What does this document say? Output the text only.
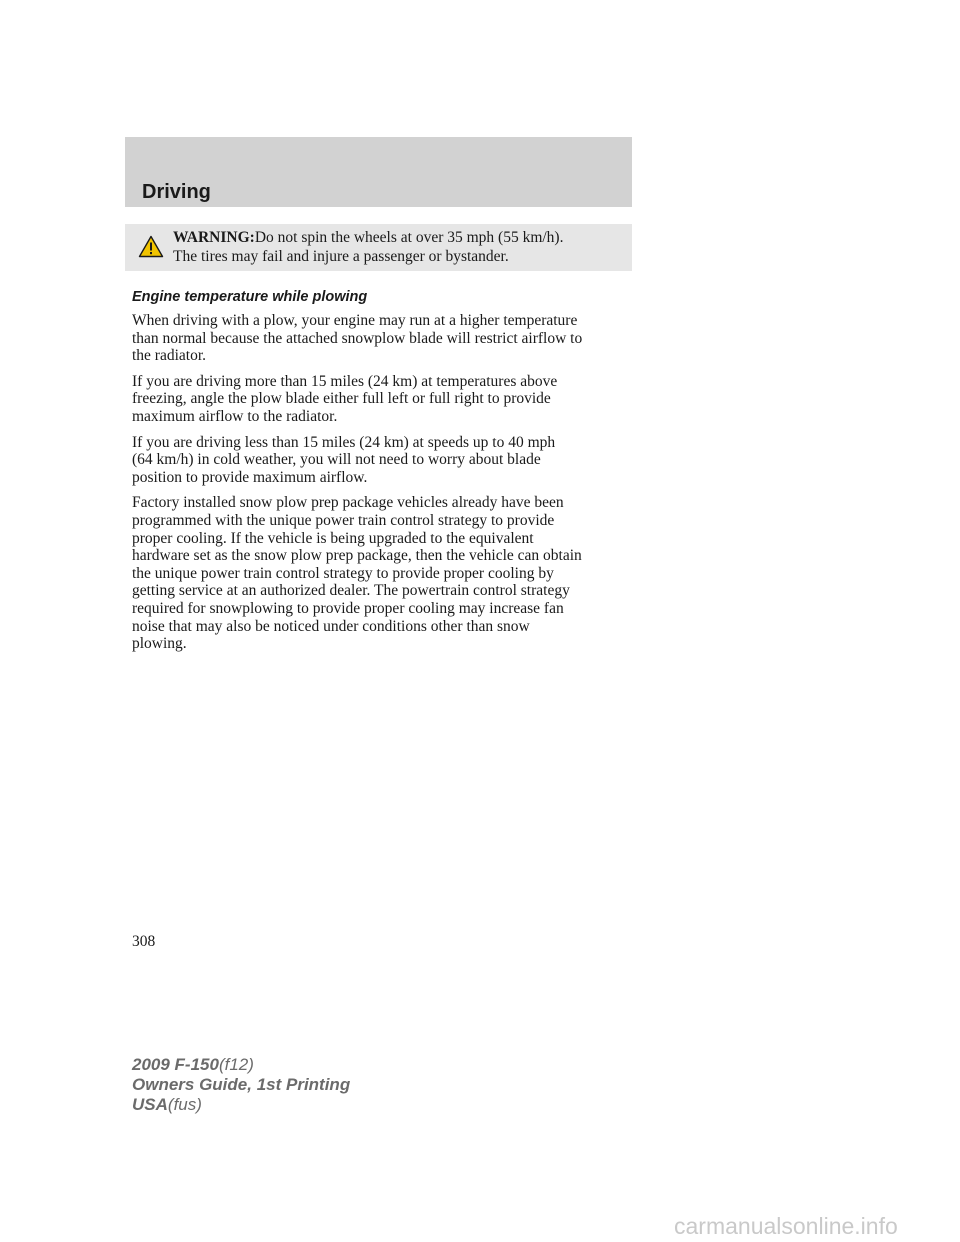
Driving
WARNING:Do not spin the wheels at over 35 mph (55 km/h).
The tires may fail and injure a passenger or bystander.
Engine temperature while plowing

When driving with a plow, your engine may run at a higher temperature
than normal because the attached snowplow blade will restrict airflow to
the radiator.

If you are driving more than 15 miles (24 km) at temperatures above
freezing, angle the plow blade either full left or full right to provide
maximum airflow to the radiator.

If you are driving less than 15 miles (24 km) at speeds up to 40 mph
(64 km/h) in cold weather, you will not need to worry about blade
position to provide maximum airflow.

Factory installed snow plow prep package vehicles already have been
programmed with the unique power train control strategy to provide
proper cooling. If the vehicle is being upgraded to the equivalent
hardware set as the snow plow prep package, then the vehicle can obtain
the unique power train control strategy to provide proper cooling by
getting service at an authorized dealer. The powertrain control strategy
required for snowplowing to provide proper cooling may increase fan
noise that may also be noticed under conditions other than snow
plowing.

308
2009 F-150(f12)
Owners Guide, 1st Printing
USA(fus)
carmanualsonline.info
